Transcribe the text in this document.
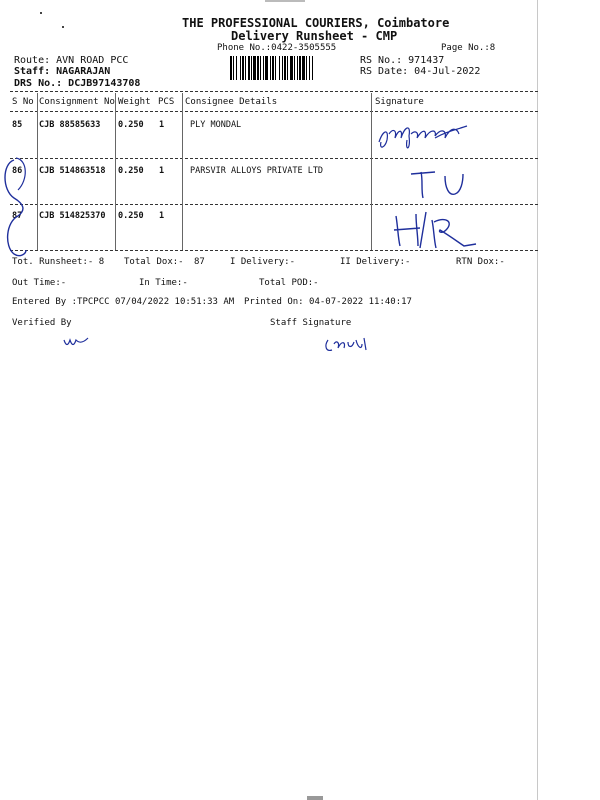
THE PROFESSIONAL COURIERS, Coimbatore
Delivery Runsheet - CMP
Phone No.:0422-3505555	Page No.:8
Route: AVN ROAD PCC
Staff: NAGARAJAN
DRS No.: DCJB97143708
RS No.: 971437
RS Date: 04-Jul-2022
S No Consignment No Weight PCS Consignee Details	Signature
85 CJB 88585633 0.250 1	PLY MONDAL
86 CJB 514863518 0.250 1	PARSVIR ALLOYS PRIVATE LTD
87 CJB 514825370 0.250 1
Tot. Runsheet:- 8 Total Dox:- 87	I Delivery:-	II Delivery:-	RTN Dox:-
Out Time:-	In Time:-	Total POD:-
Entered By :TPCPCC 07/04/2022 10:51:33 AM Printed On: 04-07-2022 11:40:17
Verified By	Staff Signature
